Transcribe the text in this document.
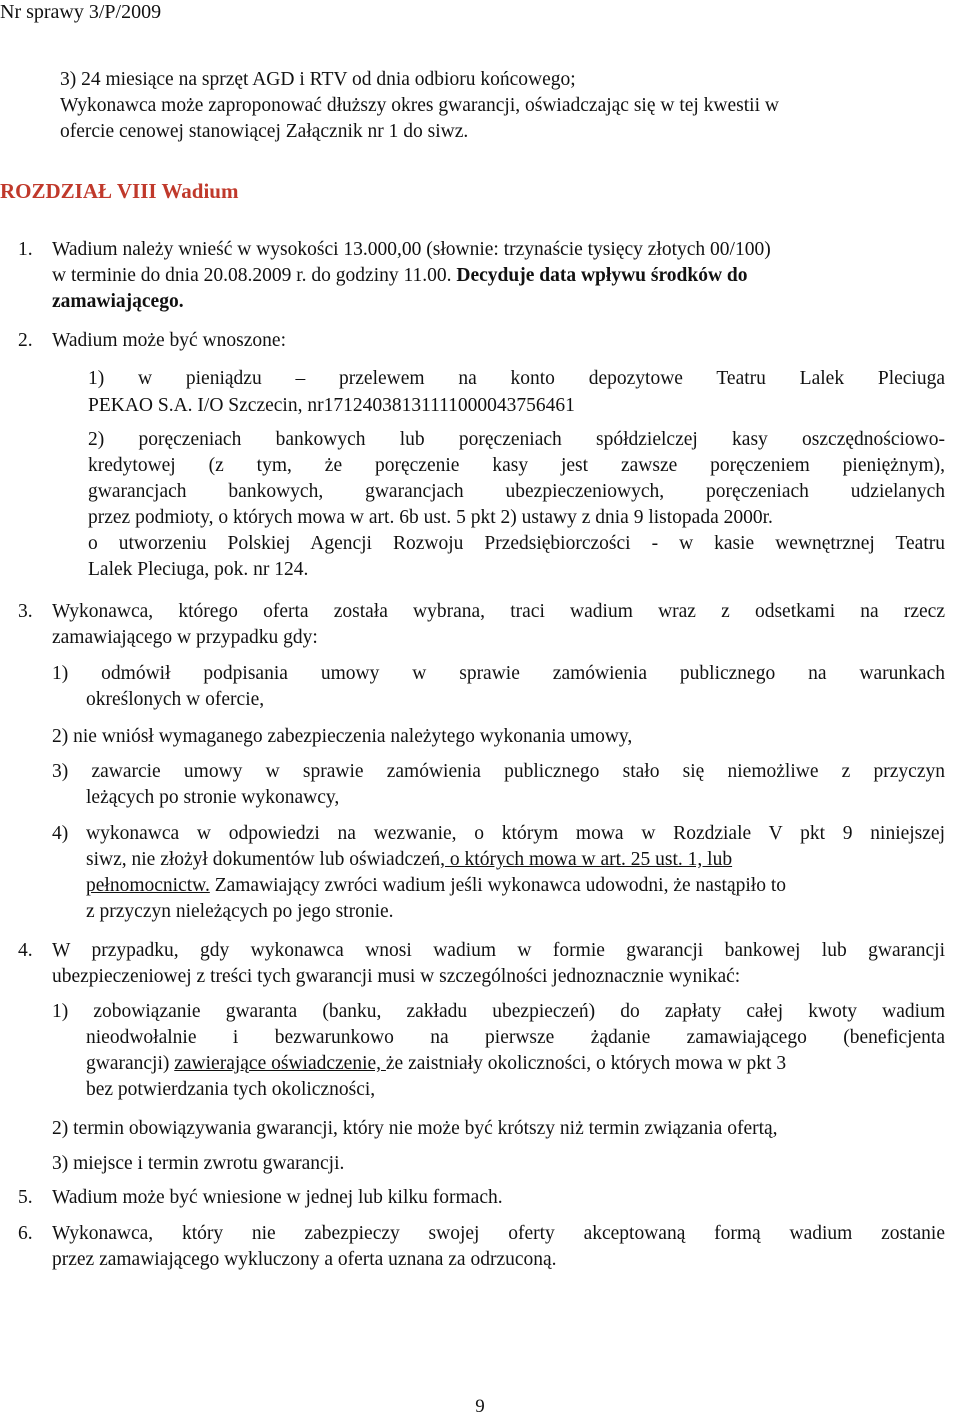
Nr sprawy 3/P/2009
3) 24 miesiące na sprzęt AGD i RTV od dnia odbioru końcowego;
Wykonawca może zaproponować dłuższy okres gwarancji, oświadczając się w tej kwestii w
ofercie cenowej stanowiącej Załącznik nr 1 do siwz.
ROZDZIAŁ VIII Wadium
1. Wadium należy wnieść w wysokości 13.000,00 (słownie: trzynaście tysięcy złotych 00/100)
w terminie do dnia 20.08.2009 r. do godziny 11.00. Decyduje data wpływu środków do
zamawiającego.
2. Wadium może być wnoszone:
1) w pieniądzu – przelewem na konto depozytowe Teatru Lalek Pleciuga
PEKAO S.A. I/O Szczecin, nr17124038131111000043756461
2) poręczeniach bankowych lub poręczeniach spółdzielczej kasy oszczędnościowo-
kredytowej (z tym, że poręczenie kasy jest zawsze poręczeniem pieniężnym),
gwarancjach bankowych, gwarancjach ubezpieczeniowych, poręczeniach udzielanych
przez podmioty, o których mowa w art. 6b ust. 5 pkt 2) ustawy z dnia 9 listopada 2000r.
o utworzeniu Polskiej Agencji Rozwoju Przedsiębiorczości - w kasie wewnętrznej Teatru
Lalek Pleciuga, pok. nr 124.
3. Wykonawca, którego oferta została wybrana, traci wadium wraz z odsetkami na rzecz
zamawiającego w przypadku gdy:
1) odmówił podpisania umowy w sprawie zamówienia publicznego na warunkach
określonych w ofercie,
2) nie wniósł wymaganego zabezpieczenia należytego wykonania umowy,
3) zawarcie umowy w sprawie zamówienia publicznego stało się niemożliwe z przyczyn
leżących po stronie wykonawcy,
4) wykonawca w odpowiedzi na wezwanie, o którym mowa w Rozdziale V pkt 9 niniejszej
siwz, nie złożył dokumentów lub oświadczeń, o których mowa w art. 25 ust. 1, lub
pełnomocnictw. Zamawiający zwróci wadium jeśli wykonawca udowodni, że nastąpiło to
z przyczyn nieleżących po jego stronie.
4. W przypadku, gdy wykonawca wnosi wadium w formie gwarancji bankowej lub gwarancji
ubezpieczeniowej z treści tych gwarancji musi w szczególności jednoznacznie wynikać:
1) zobowiązanie gwaranta (banku, zakładu ubezpieczeń) do zapłaty całej kwoty wadium
nieodwołalnie i bezwarunkowo na pierwsze żądanie zamawiającego (beneficjenta
gwarancji) zawierające oświadczenie, że zaistniały okoliczności, o których mowa w pkt 3
bez potwierdzania tych okoliczności,
2) termin obowiązywania gwarancji, który nie może być krótszy niż termin związania ofertą,
3) miejsce i termin zwrotu gwarancji.
5. Wadium może być wniesione w jednej lub kilku formach.
6. Wykonawca, który nie zabezpieczy swojej oferty akceptowaną formą wadium zostanie
przez zamawiającego wykluczony a oferta uznana za odrzuconą.
9
